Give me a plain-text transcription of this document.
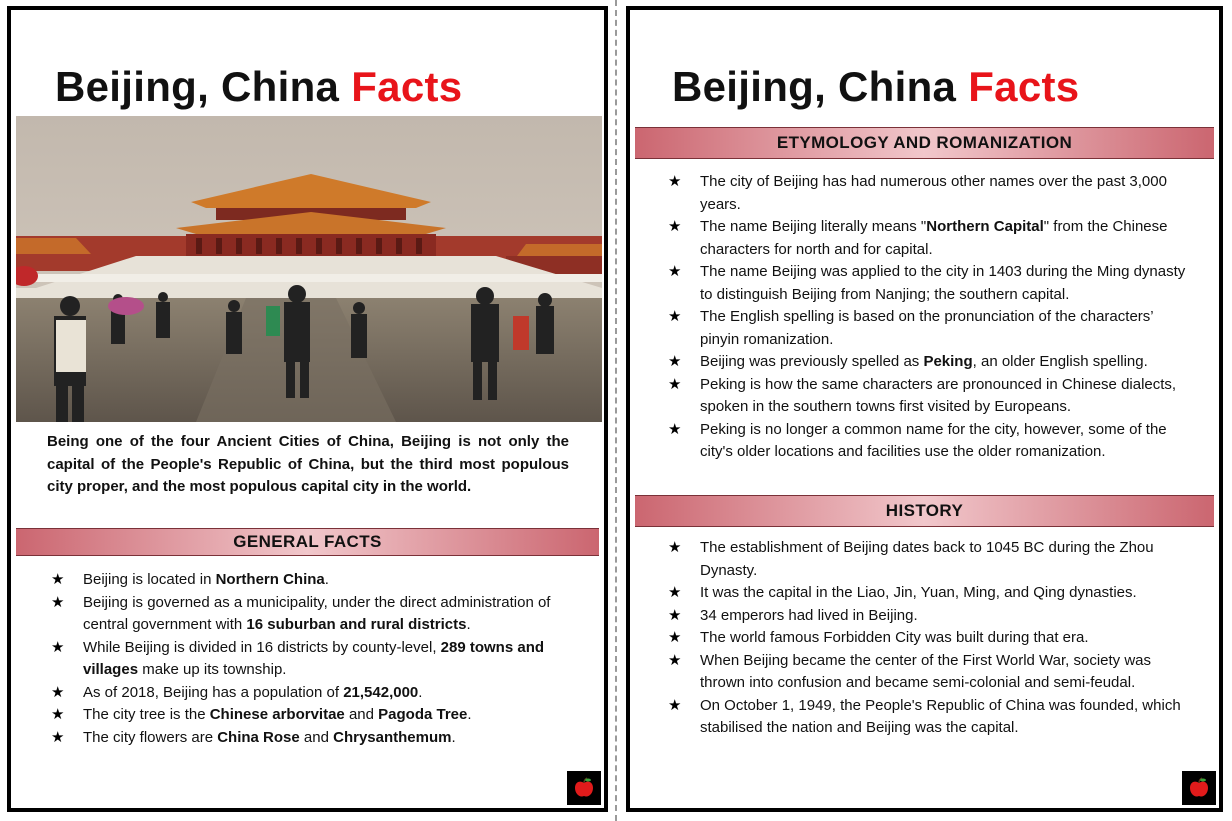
Beijing, China Facts

Being one of the four Ancient Cities of China, Beijing is not only the capital of the People's Republic of China, but the third most populous city proper, and the most populous capital city in the world.

GENERAL FACTS
★ Beijing is located in Northern China.
★ Beijing is governed as a municipality, under the direct administration of central government with 16 suburban and rural districts.
★ While Beijing is divided in 16 districts by county-level, 289 towns and villages make up its township.
★ As of 2018, Beijing has a population of 21,542,000.
★ The city tree is the Chinese arborvitae and Pagoda Tree.
★ The city flowers are China Rose and Chrysanthemum.
Beijing, China Facts
ETYMOLOGY AND ROMANIZATION
★ The city of Beijing has had numerous other names over the past 3,000 years.
★ The name Beijing literally means "Northern Capital" from the Chinese characters for north and for capital.
★ The name Beijing was applied to the city in 1403 during the Ming dynasty to distinguish Beijing from Nanjing; the southern capital.
★ The English spelling is based on the pronunciation of the characters’ pinyin romanization.
★ Beijing was previously spelled as Peking, an older English spelling.
★ Peking is how the same characters are pronounced in Chinese dialects, spoken in the southern towns first visited by Europeans.
★ Peking is no longer a common name for the city, however, some of the city's older locations and facilities use the older romanization.
HISTORY
★ The establishment of Beijing dates back to 1045 BC during the Zhou Dynasty.
★ It was the capital in the Liao, Jin, Yuan, Ming, and Qing dynasties.
★ 34 emperors had lived in Beijing.
★ The world famous Forbidden City was built during that era.
★ When Beijing became the center of the First World War, society was thrown into confusion and became semi-colonial and semi-feudal.
★ On October 1, 1949, the People's Republic of China was founded, which stabilised the nation and Beijing was the capital.
